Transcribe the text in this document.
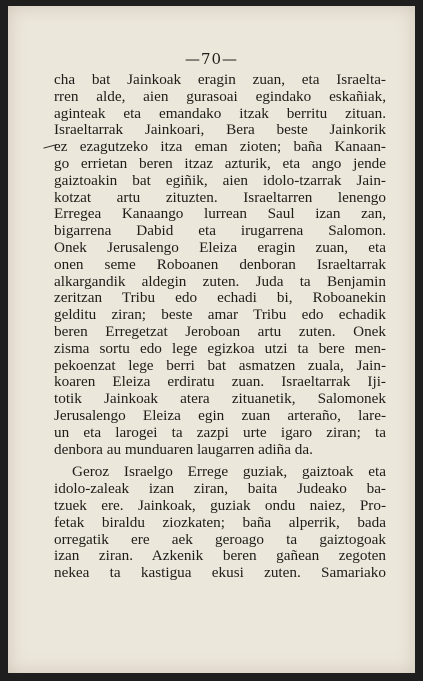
—70—
cha bat Jainkoak eragin zuan, eta Israelta-
rren alde, aien gurasoai egindako eskañiak,
aginteak eta emandako itzak berritu zituan.
Israeltarrak Jainkoari, Bera beste Jainkorik
ez ezagutzeko itza eman zioten; baña Kanaan-
go errietan beren itzaz azturik, eta ango jende
gaiztoakin bat egiñik, aien idolo-tzarrak Jain-
kotzat artu zituzten. Israeltarren lenengo
Erregea Kanaango lurrean Saul izan zan,
bigarrena Dabid eta irugarrena Salomon.
Onek Jerusalengo Eleiza eragin zuan, eta
onen seme Roboanen denboran Israeltarrak
alkargandik aldegin zuten. Juda ta Benjamin
zeritzan Tribu edo echadi bi, Roboanekin
gelditu ziran; beste amar Tribu edo echadik
beren Erregetzat Jeroboan artu zuten. Onek
zisma sortu edo lege egizkoa utzi ta bere men-
pekoenzat lege berri bat asmatzen zuala, Jain-
koaren Eleiza erdiratu zuan. Israeltarrak Iji-
totik Jainkoak atera zituanetik, Salomonek
Jerusalengo Eleiza egin zuan arteraño, lare-
un eta larogei ta zazpi urte igaro ziran; ta
denbora au munduaren laugarren adiña da.
Geroz Israelgo Erregе guziak, gaiztoak eta
idolo-zaleak izan ziran, baita Judeako ba-
tzuek ere. Jainkoak, guziak ondu naiez, Pro-
fetak biraldu ziozkaten; baña alperrik, bada
orregatik ere aek geroago ta gaiztogoak
izan ziran. Azkenik beren gañean zegoten
nekea ta kastigua ekusi zuten. Samariako
